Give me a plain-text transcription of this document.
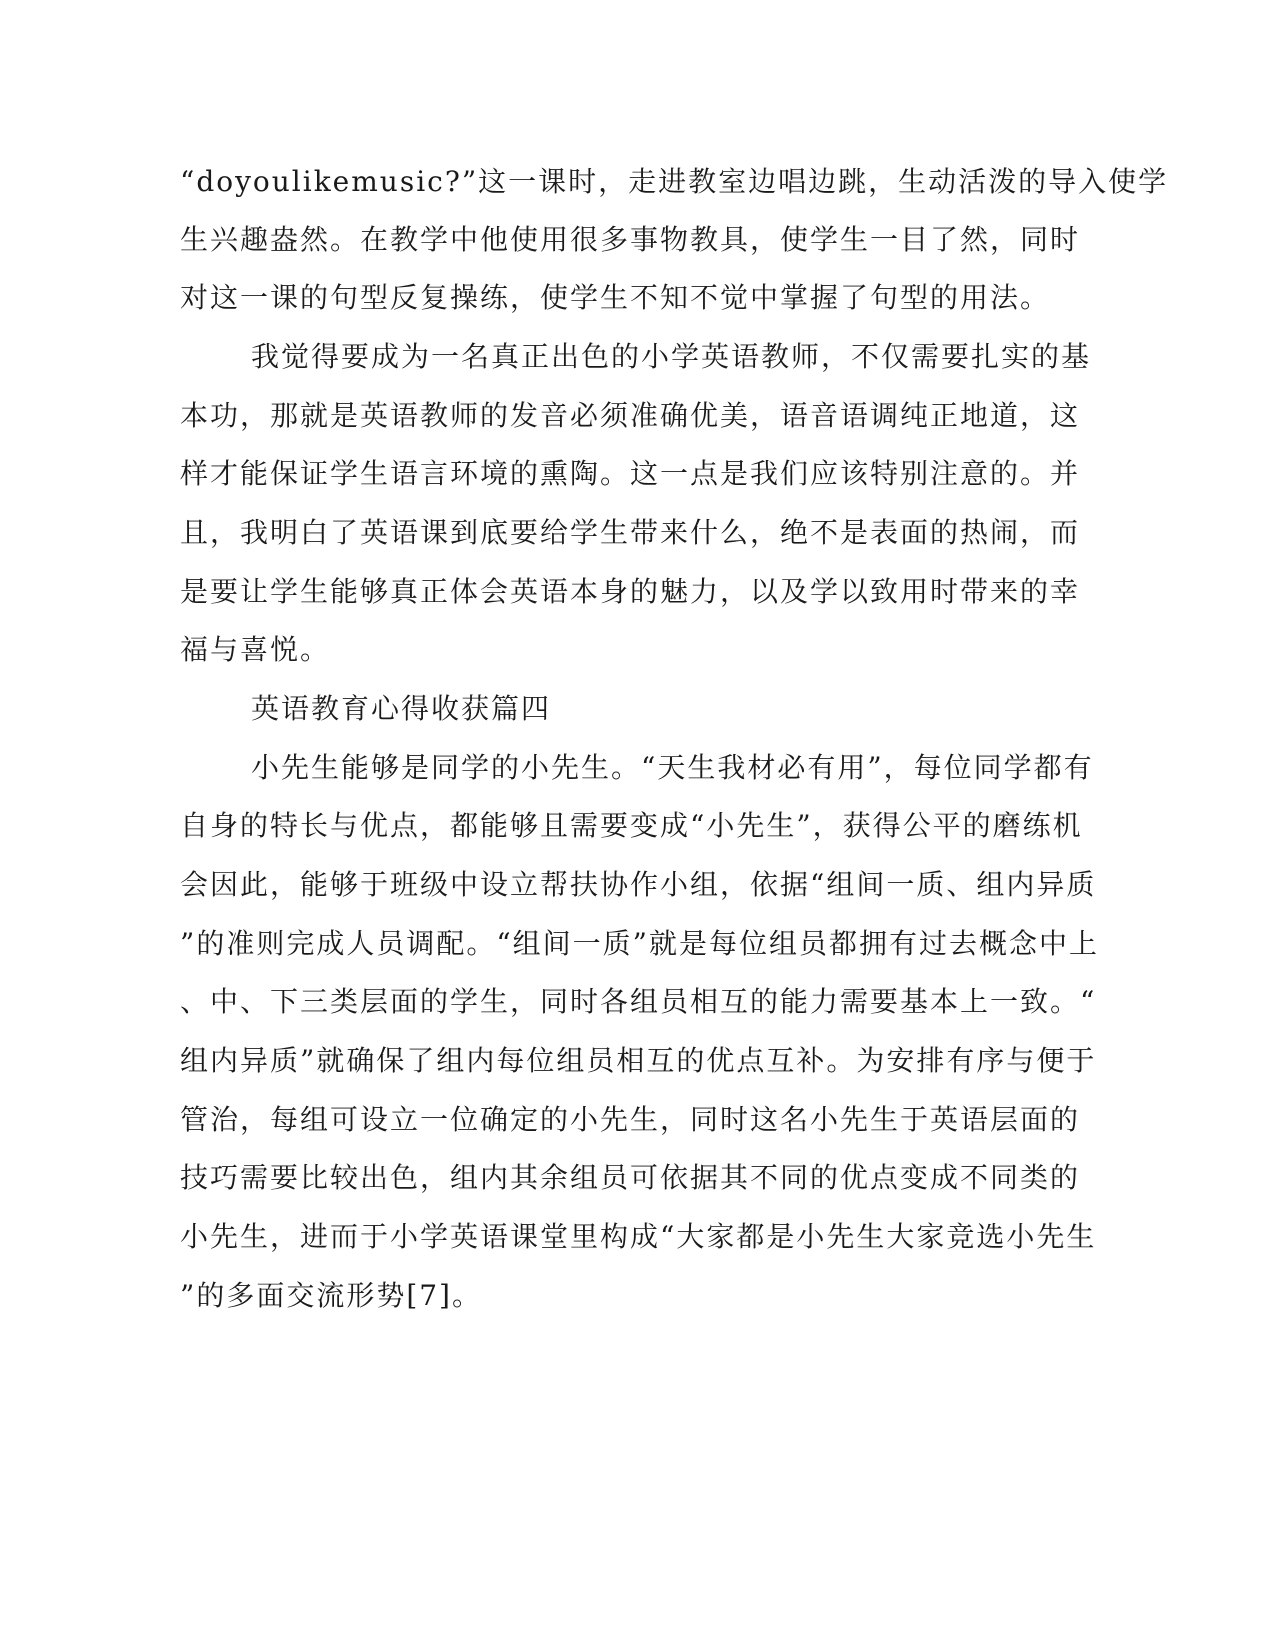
“doyoulikemusic?”这一课时，走进教室边唱边跳，生动活泼的导入使学
生兴趣盎然。在教学中他使用很多事物教具，使学生一目了然，同时
对这一课的句型反复操练，使学生不知不觉中掌握了句型的用法。
我觉得要成为一名真正出色的小学英语教师，不仅需要扎实的基
本功，那就是英语教师的发音必须准确优美，语音语调纯正地道，这
样才能保证学生语言环境的熏陶。这一点是我们应该特别注意的。并
且，我明白了英语课到底要给学生带来什么，绝不是表面的热闹，而
是要让学生能够真正体会英语本身的魅力，以及学以致用时带来的幸
福与喜悦。
英语教育心得收获篇四
小先生能够是同学的小先生。“天生我材必有用”，每位同学都有
自身的特长与优点，都能够且需要变成“小先生”，获得公平的磨练机
会因此，能够于班级中设立帮扶协作小组，依据“组间一质、组内异质
”的准则完成人员调配。“组间一质”就是每位组员都拥有过去概念中上
、中、下三类层面的学生，同时各组员相互的能力需要基本上一致。“
组内异质”就确保了组内每位组员相互的优点互补。为安排有序与便于
管治，每组可设立一位确定的小先生，同时这名小先生于英语层面的
技巧需要比较出色，组内其余组员可依据其不同的优点变成不同类的
小先生，进而于小学英语课堂里构成“大家都是小先生大家竞选小先生
”的多面交流形势[7]。
